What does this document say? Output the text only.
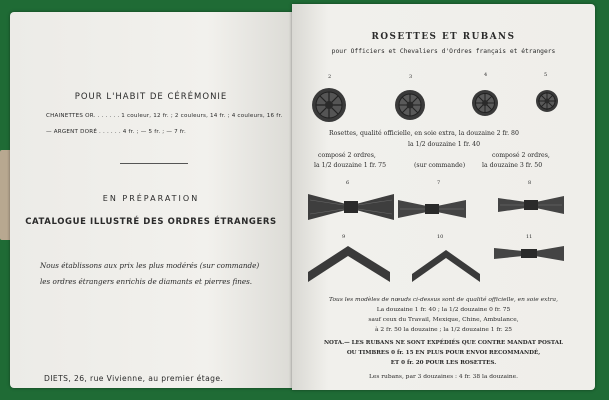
POUR L'HABIT DE CÉRÉMONIE
CHAINETTES OR. . . . . . . 1 couleur, 12 fr. ; 2 couleurs, 14 fr. ; 4 couleurs, 16 fr.
— ARGENT DORÉ . . . . . . 4 fr. ; — 5 fr. ; — 7 fr.
EN PRÉPARATION
CATALOGUE ILLUSTRÉ DES ORDRES ÉTRANGERS
Nous établissons aux prix les plus modérés (sur commande) les ordres étrangers enrichis de diamants et pierres fines.
DIETS, 26, rue Vivienne, au premier étage.
ROSETTES ET RUBANS
pour Officiers et Chevaliers d'Ordres français et étrangers
2	3	4	5
Rosettes, qualité officielle, en soie extra, la douzaine 2 fr. 80
la 1/2 douzaine 1 fr. 40
composé 2 ordres,
la 1/2 douzaine 1 fr. 75	(sur commande)
composé 2 ordres,
la douzaine 3 fr. 50
6	7	8
9	10	11
Tous les modèles de nœuds ci-dessus sont de qualité officielle, en soie extra,
La douzaine 1 fr. 40 ; la 1/2 douzaine 0 fr. 75
sauf ceux du Travail, Mexique, Chine, Ambulance,
à 2 fr. 50 la douzaine ; la 1/2 douzaine 1 fr. 25
NOTA.— LES RUBANS NE SONT EXPÉDIÉS QUE CONTRE MANDAT POSTAL
OU TIMBRES 0 fr. 15 EN PLUS POUR ENVOI RECOMMANDÉ,
ET 0 fr. 20 POUR LES ROSETTES.
Les rubans, par 3 douzaines : 4 fr. 38 la douzaine.
